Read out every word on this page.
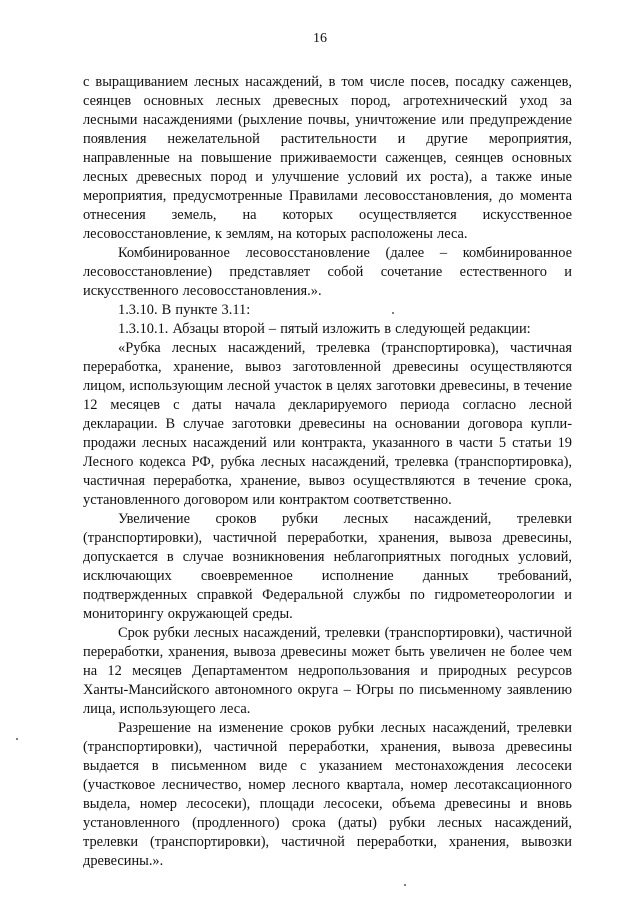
16

с выращиванием лесных насаждений, в том числе посев, посадку саженцев, сеянцев основных лесных древесных пород, агротехнический уход за лесными насаждениями (рыхление почвы, уничтожение или предупреждение появления нежелательной растительности и другие мероприятия, направленные на повышение приживаемости саженцев, сеянцев основных лесных древесных пород и улучшение условий их роста), а также иные мероприятия, предусмотренные Правилами лесовосстановления, до момента отнесения земель, на которых осуществляется искусственное лесовосстановление, к землям, на которых расположены леса.

Комбинированное лесовосстановление (далее – комбинированное лесовосстановление) представляет собой сочетание естественного и искусственного лесовосстановления.».

1.3.10. В пункте 3.11:

1.3.10.1. Абзацы второй – пятый изложить в следующей редакции:

«Рубка лесных насаждений, трелевка (транспортировка), частичная переработка, хранение, вывоз заготовленной древесины осуществляются лицом, использующим лесной участок в целях заготовки древесины, в течение 12 месяцев с даты начала декларируемого периода согласно лесной декларации. В случае заготовки древесины на основании договора купли-продажи лесных насаждений или контракта, указанного в части 5 статьи 19 Лесного кодекса РФ, рубка лесных насаждений, трелевка (транспортировка), частичная переработка, хранение, вывоз осуществляются в течение срока, установленного договором или контрактом соответственно.

Увеличение сроков рубки лесных насаждений, трелевки (транспортировки), частичной переработки, хранения, вывоза древесины, допускается в случае возникновения неблагоприятных погодных условий, исключающих своевременное исполнение данных требований, подтвержденных справкой Федеральной службы по гидрометеорологии и мониторингу окружающей среды.

Срок рубки лесных насаждений, трелевки (транспортировки), частичной переработки, хранения, вывоза древесины может быть увеличен не более чем на 12 месяцев Департаментом недропользования и природных ресурсов Ханты-Мансийского автономного округа – Югры по письменному заявлению лица, использующего леса.

Разрешение на изменение сроков рубки лесных насаждений, трелевки (транспортировки), частичной переработки, хранения, вывоза древесины выдается в письменном виде с указанием местонахождения лесосеки (участковое лесничество, номер лесного квартала, номер лесотаксационного выдела, номер лесосеки), площади лесосеки, объема древесины и вновь установленного (продленного) срока (даты) рубки лесных насаждений, трелевки (транспортировки), частичной переработки, хранения, вывозки древесины.».
